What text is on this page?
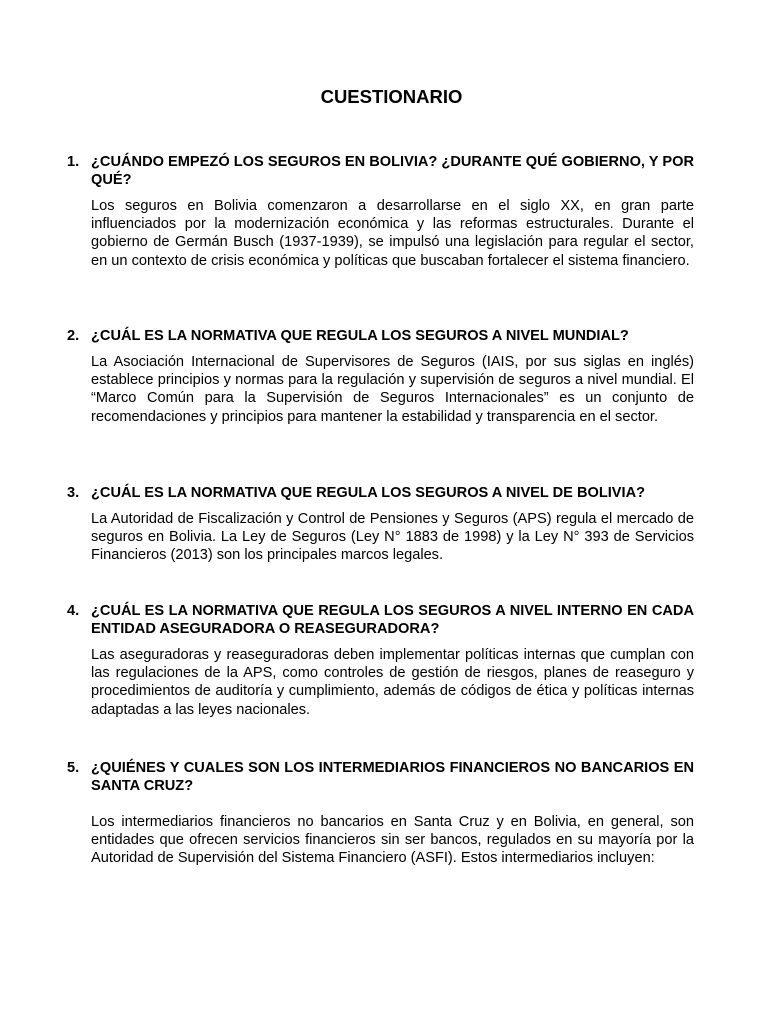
CUESTIONARIO
1. ¿CUÁNDO EMPEZÓ LOS SEGUROS EN BOLIVIA? ¿DURANTE QUÉ GOBIERNO, Y POR QUÉ?
Los seguros en Bolivia comenzaron a desarrollarse en el siglo XX, en gran parte influenciados por la modernización económica y las reformas estructurales. Durante el gobierno de Germán Busch (1937-1939), se impulsó una legislación para regular el sector, en un contexto de crisis económica y políticas que buscaban fortalecer el sistema financiero.
2. ¿CUÁL ES LA NORMATIVA QUE REGULA LOS SEGUROS A NIVEL MUNDIAL?
La Asociación Internacional de Supervisores de Seguros (IAIS, por sus siglas en inglés) establece principios y normas para la regulación y supervisión de seguros a nivel mundial. El “Marco Común para la Supervisión de Seguros Internacionales” es un conjunto de recomendaciones y principios para mantener la estabilidad y transparencia en el sector.
3. ¿CUÁL ES LA NORMATIVA QUE REGULA LOS SEGUROS A NIVEL DE BOLIVIA?
La Autoridad de Fiscalización y Control de Pensiones y Seguros (APS) regula el mercado de seguros en Bolivia. La Ley de Seguros (Ley N° 1883 de 1998) y la Ley N° 393 de Servicios Financieros (2013) son los principales marcos legales.
4. ¿CUÁL ES LA NORMATIVA QUE REGULA LOS SEGUROS A NIVEL INTERNO EN CADA ENTIDAD ASEGURADORA O REASEGURADORA?
Las aseguradoras y reaseguradoras deben implementar políticas internas que cumplan con las regulaciones de la APS, como controles de gestión de riesgos, planes de reaseguro y procedimientos de auditoría y cumplimiento, además de códigos de ética y políticas internas adaptadas a las leyes nacionales.
5. ¿QUIÉNES Y CUALES SON LOS INTERMEDIARIOS FINANCIEROS NO BANCARIOS EN SANTA CRUZ?
Los intermediarios financieros no bancarios en Santa Cruz y en Bolivia, en general, son entidades que ofrecen servicios financieros sin ser bancos, regulados en su mayoría por la Autoridad de Supervisión del Sistema Financiero (ASFI). Estos intermediarios incluyen:
